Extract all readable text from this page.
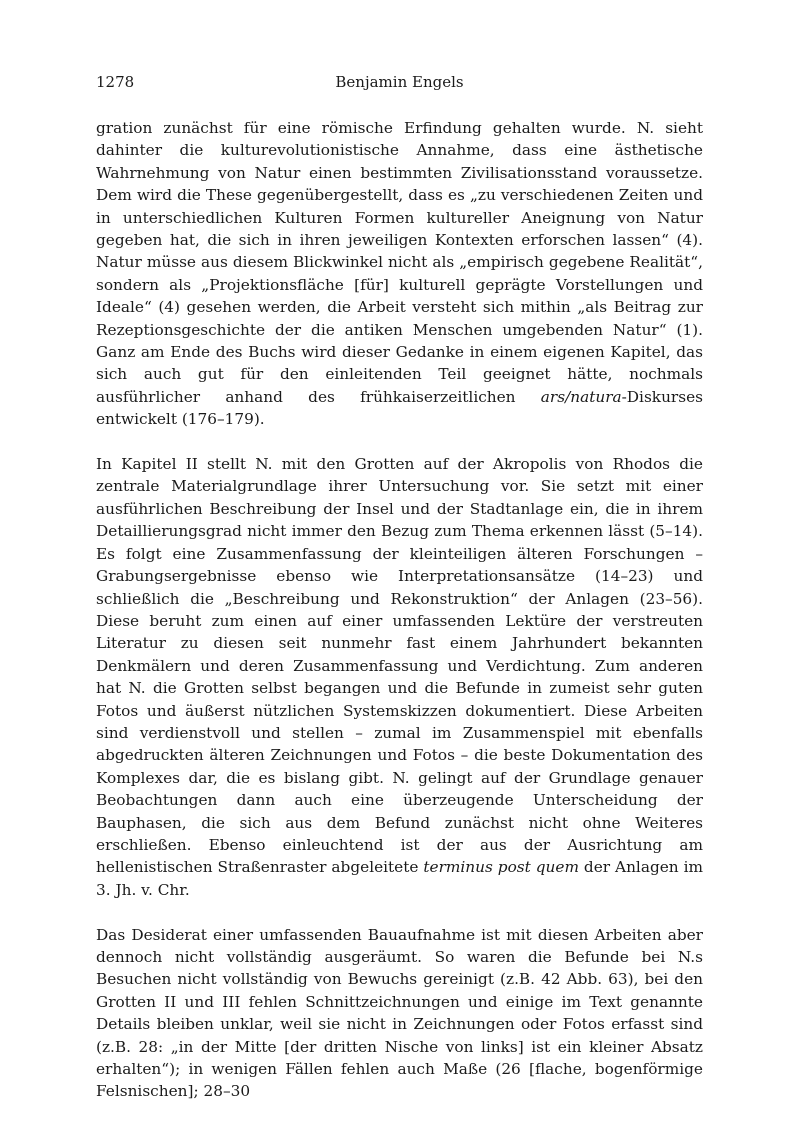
1278	Benjamin Engels

gration zunächst für eine römische Erfindung gehalten wurde. N. sieht dahinter die kulturevolutionistische Annahme, dass eine ästhetische Wahrnehmung von Natur einen bestimmten Zivilisationsstand voraussetze. Dem wird die These gegenübergestellt, dass es „zu verschiedenen Zeiten und in unterschiedlichen Kulturen Formen kultureller Aneignung von Natur gegeben hat, die sich in ihren jeweiligen Kontexten erforschen lassen“ (4). Natur müsse aus diesem Blickwinkel nicht als „empirisch gegebene Realität“, sondern als „Projektionsfläche [für] kulturell geprägte Vorstellungen und Ideale“ (4) gesehen werden, die Arbeit versteht sich mithin „als Beitrag zur Rezeptionsgeschichte der die antiken Menschen umgebenden Natur“ (1). Ganz am Ende des Buchs wird dieser Gedanke in einem eigenen Kapitel, das sich auch gut für den einleitenden Teil geeignet hätte, nochmals ausführlicher anhand des frühkaiserzeitlichen ars/natura-Diskurses entwickelt (176–179).

In Kapitel II stellt N. mit den Grotten auf der Akropolis von Rhodos die zentrale Materialgrundlage ihrer Untersuchung vor. Sie setzt mit einer ausführlichen Beschreibung der Insel und der Stadtanlage ein, die in ihrem Detaillierungsgrad nicht immer den Bezug zum Thema erkennen lässt (5–14). Es folgt eine Zusammenfassung der kleinteiligen älteren Forschungen – Grabungsergebnisse ebenso wie Interpretationsansätze (14–23) und schließlich die „Beschreibung und Rekonstruktion“ der Anlagen (23–56). Diese beruht zum einen auf einer umfassenden Lektüre der verstreuten Literatur zu diesen seit nunmehr fast einem Jahrhundert bekannten Denkmälern und deren Zusammenfassung und Verdichtung. Zum anderen hat N. die Grotten selbst begangen und die Befunde in zumeist sehr guten Fotos und äußerst nützlichen Systemskizzen dokumentiert. Diese Arbeiten sind verdienstvoll und stellen – zumal im Zusammenspiel mit ebenfalls abgedruckten älteren Zeichnungen und Fotos – die beste Dokumentation des Komplexes dar, die es bislang gibt. N. gelingt auf der Grundlage genauer Beobachtungen dann auch eine überzeugende Unterscheidung der Bauphasen, die sich aus dem Befund zunächst nicht ohne Weiteres erschließen. Ebenso einleuchtend ist der aus der Ausrichtung am hellenistischen Straßenraster abgeleitete terminus post quem der Anlagen im 3. Jh. v. Chr.

Das Desiderat einer umfassenden Bauaufnahme ist mit diesen Arbeiten aber dennoch nicht vollständig ausgeräumt. So waren die Befunde bei N.s Besuchen nicht vollständig von Bewuchs gereinigt (z.B. 42 Abb. 63), bei den Grotten II und III fehlen Schnittzeichnungen und einige im Text genannte Details bleiben unklar, weil sie nicht in Zeichnungen oder Fotos erfasst sind (z.B. 28: „in der Mitte [der dritten Nische von links] ist ein kleiner Absatz erhalten“); in wenigen Fällen fehlen auch Maße (26 [flache, bogenförmige Felsnischen]; 28–30
